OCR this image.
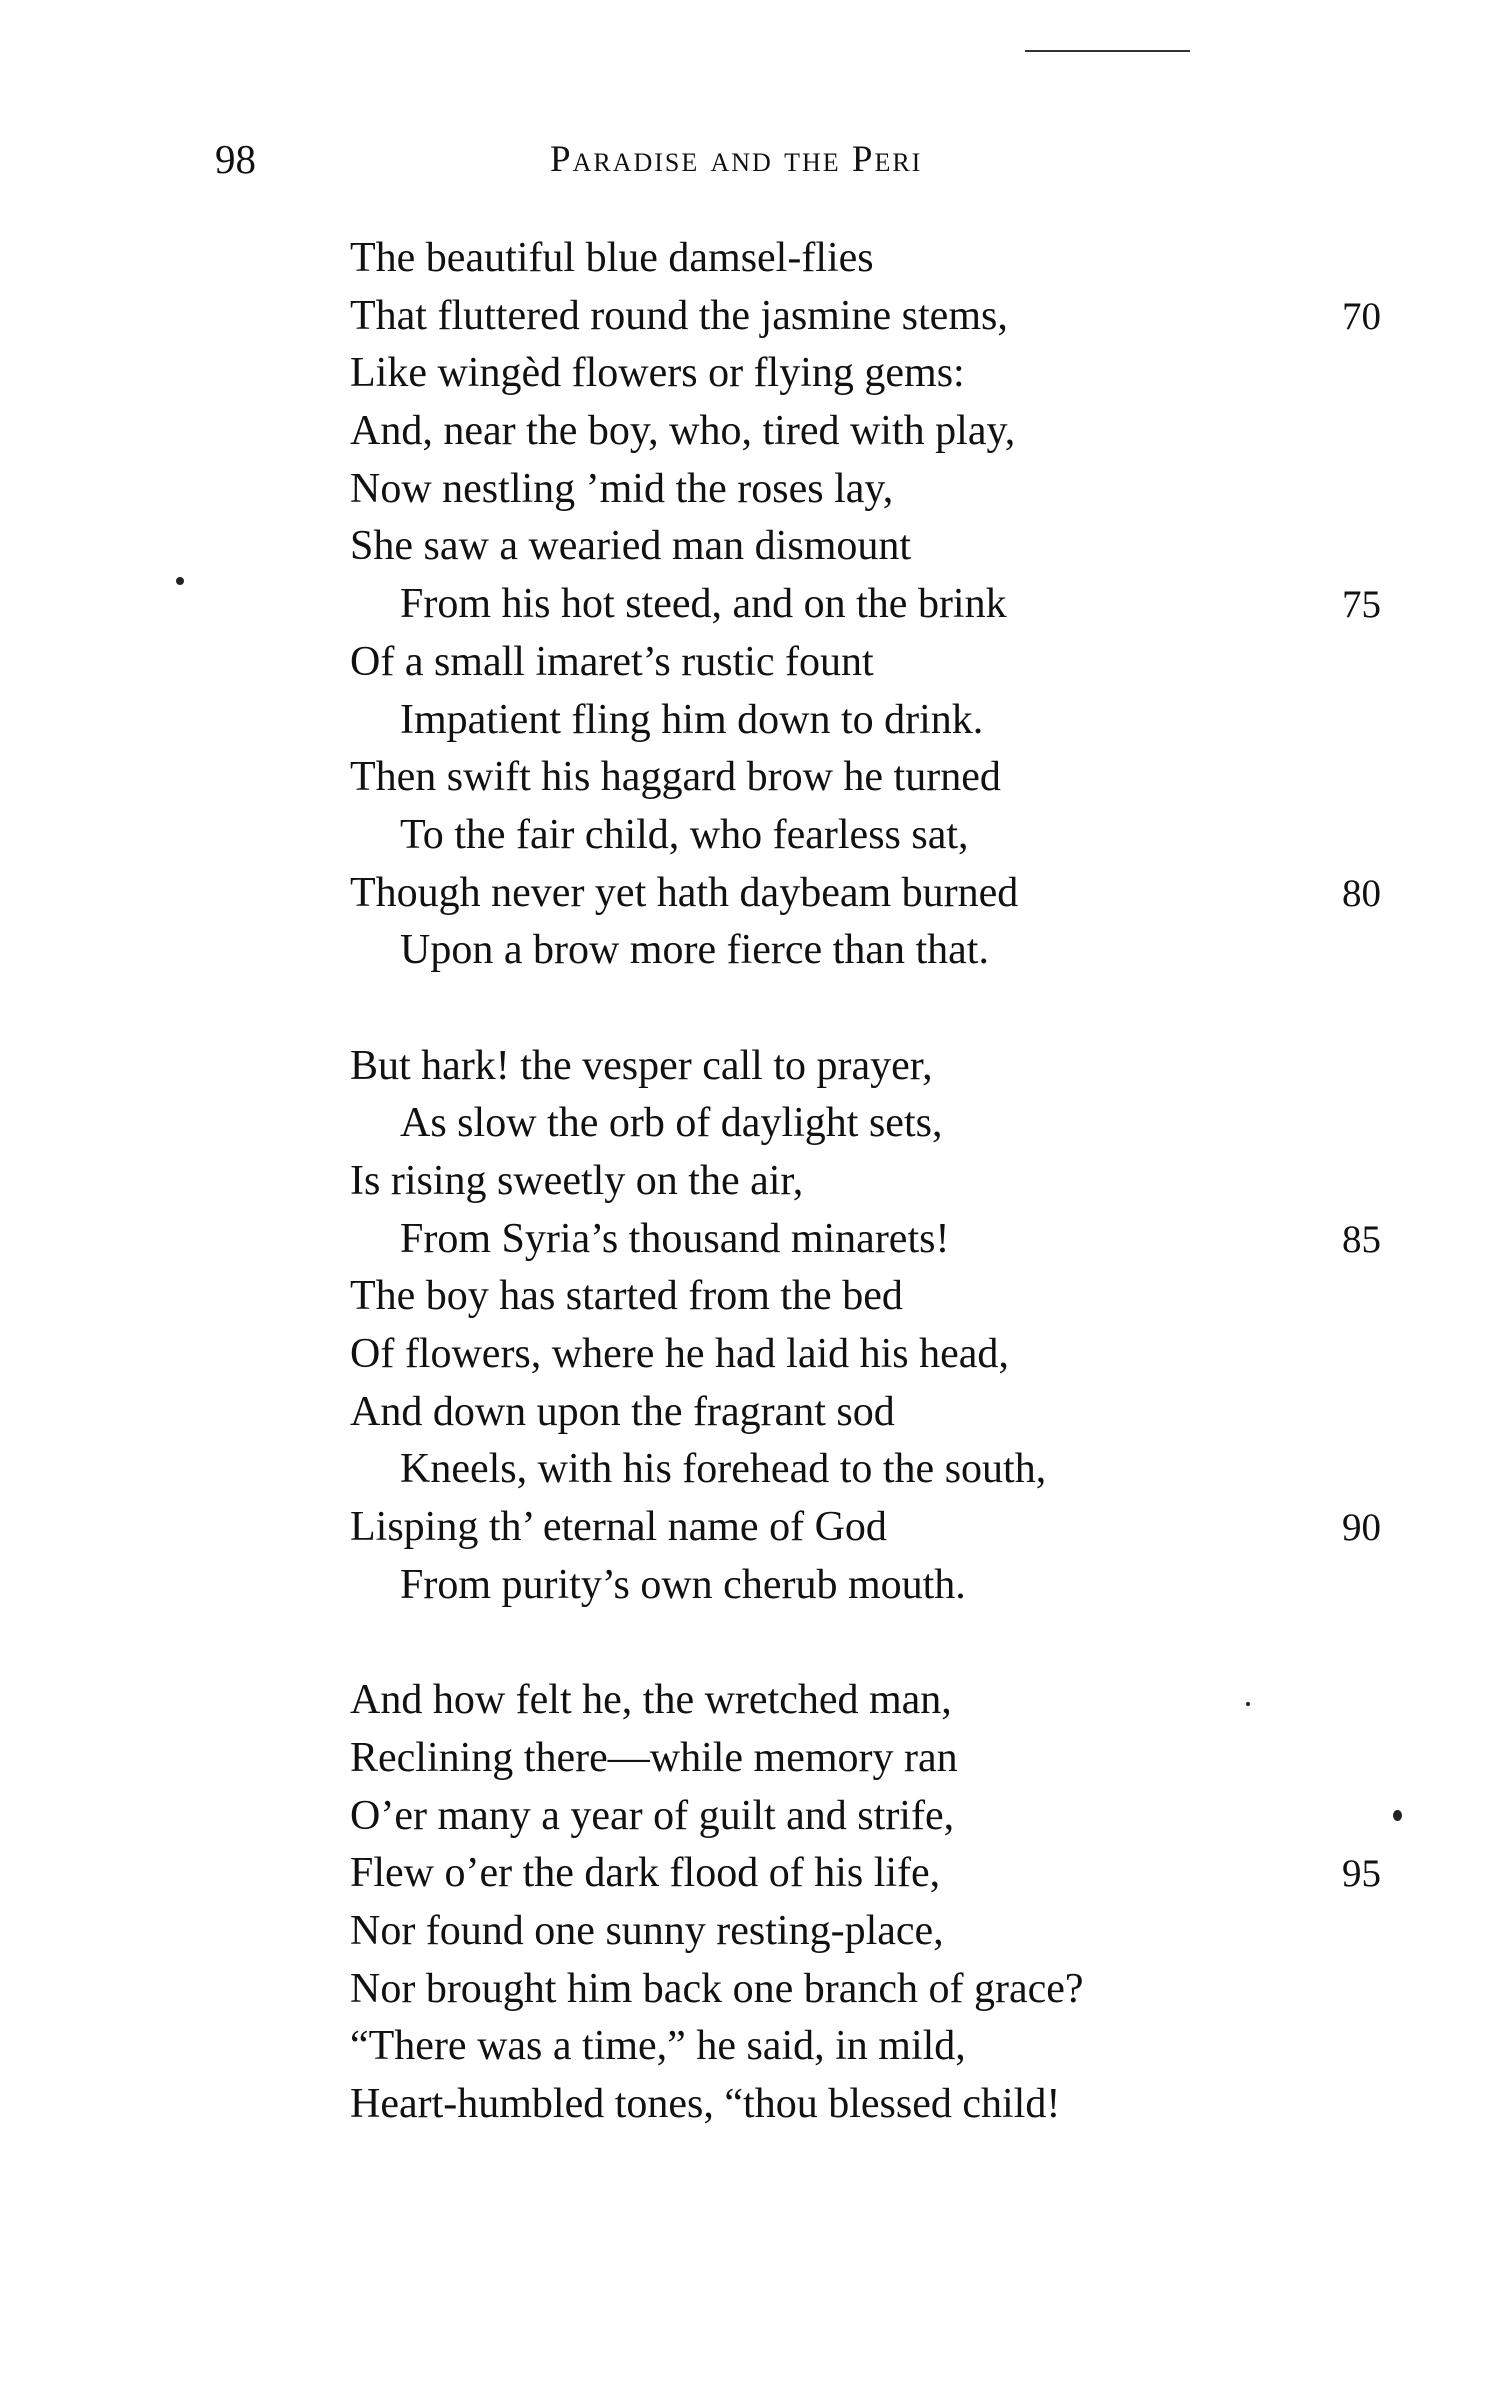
98	Paradise and the Peri
The beautiful blue damsel-flies
That fluttered round the jasmine stems,	70
Like wingèd flowers or flying gems:
And, near the boy, who, tired with play,
Now nestling ’mid the roses lay,
She saw a wearied man dismount
From his hot steed, and on the brink	75
Of a small imaret’s rustic fount
Impatient fling him down to drink.
Then swift his haggard brow he turned
To the fair child, who fearless sat,
Though never yet hath daybeam burned	80
Upon a brow more fierce than that.
But hark! the vesper call to prayer,
As slow the orb of daylight sets,
Is rising sweetly on the air,
From Syria’s thousand minarets!	85
The boy has started from the bed
Of flowers, where he had laid his head,
And down upon the fragrant sod
Kneels, with his forehead to the south,
Lisping th’ eternal name of God	90
From purity’s own cherub mouth.
And how felt he, the wretched man,
Reclining there—while memory ran
O’er many a year of guilt and strife,
Flew o’er the dark flood of his life,	95
Nor found one sunny resting-place,
Nor brought him back one branch of grace?
“There was a time,” he said, in mild,
Heart-humbled tones, “thou blessed child!
